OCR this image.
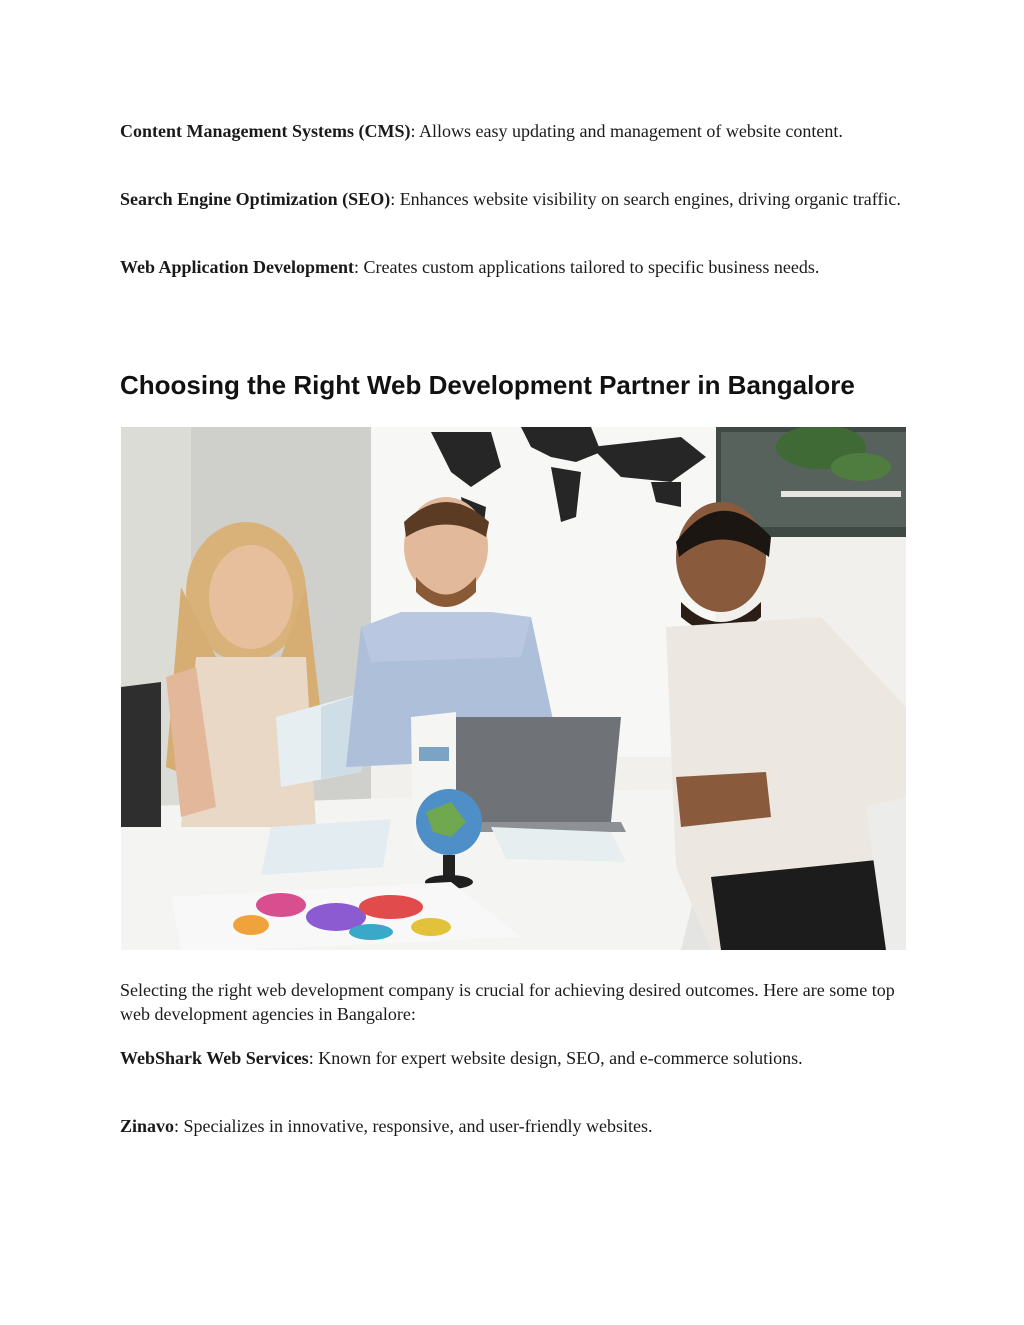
Content Management Systems (CMS): Allows easy updating and management of website content.

Search Engine Optimization (SEO): Enhances website visibility on search engines, driving organic traffic.

Web Application Development: Creates custom applications tailored to specific business needs.

Choosing the Right Web Development Partner in Bangalore

Selecting the right web development company is crucial for achieving desired outcomes. Here are some top web development agencies in Bangalore:

WebShark Web Services: Known for expert website design, SEO, and e-commerce solutions.

Zinavo: Specializes in innovative, responsive, and user-friendly websites.
